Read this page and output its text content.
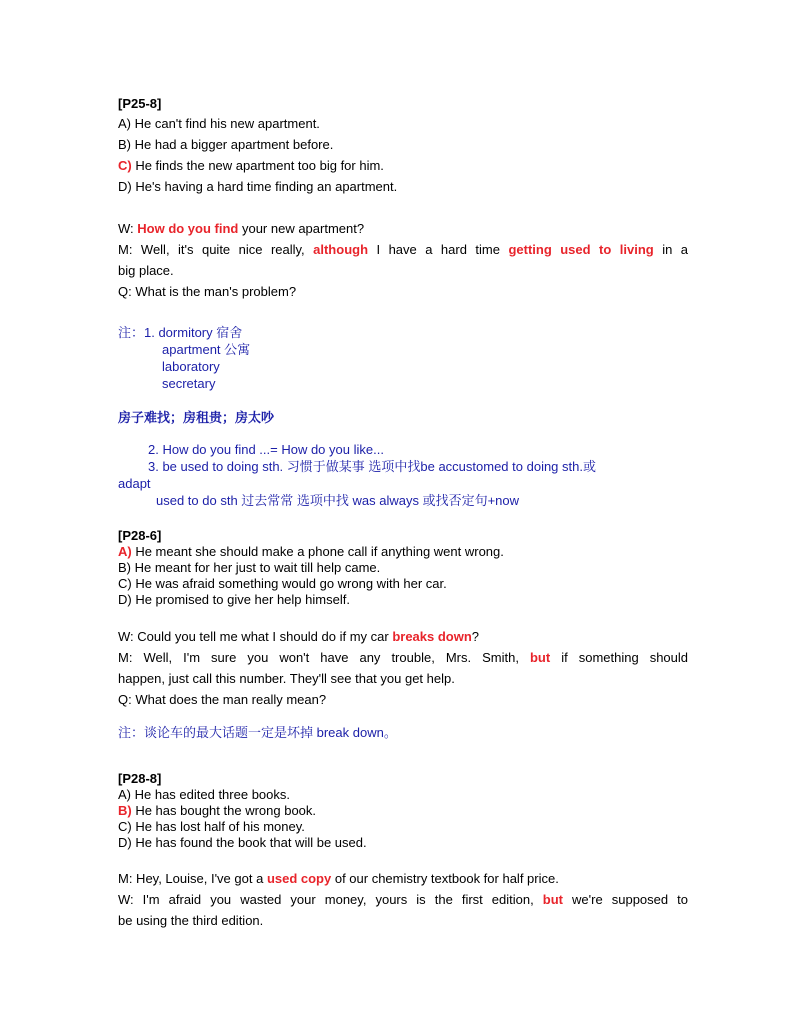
[P25-8]
A) He can't find his new apartment.
B) He had a bigger apartment before.
C) He finds the new apartment too big for him.
D) He's having a hard time finding an apartment.
W: How do you find your new apartment?
M: Well, it's quite nice really, although I have a hard time getting used to living in a
big place.
Q: What is the man's problem?
注：1. dormitory 宿舍
apartment 公寓
laboratory
secretary
房子难找；房租贵；房太吵
2. How do you find ...= How do you like...
3. be used to doing sth. 习惯于做某事 选项中找be accustomed to doing sth.或
adapt
used to do sth 过去常常 选项中找 was always 或找否定句+now
[P28-6]
A) He meant she should make a phone call if anything went wrong.
B) He meant for her just to wait till help came.
C) He was afraid something would go wrong with her car.
D) He promised to give her help himself.
W: Could you tell me what I should do if my car breaks down?
M: Well, I'm sure you won't have any trouble, Mrs. Smith, but if something should
happen, just call this number. They'll see that you get help.
Q: What does the man really mean?
注：谈论车的最大话题一定是坏掉 break down。
[P28-8]
A) He has edited three books.
B) He has bought the wrong book.
C) He has lost half of his money.
D) He has found the book that will be used.
M: Hey, Louise, I've got a used copy of our chemistry textbook for half price.
W: I'm afraid you wasted your money, yours is the first edition, but we're supposed to
be using the third edition.
